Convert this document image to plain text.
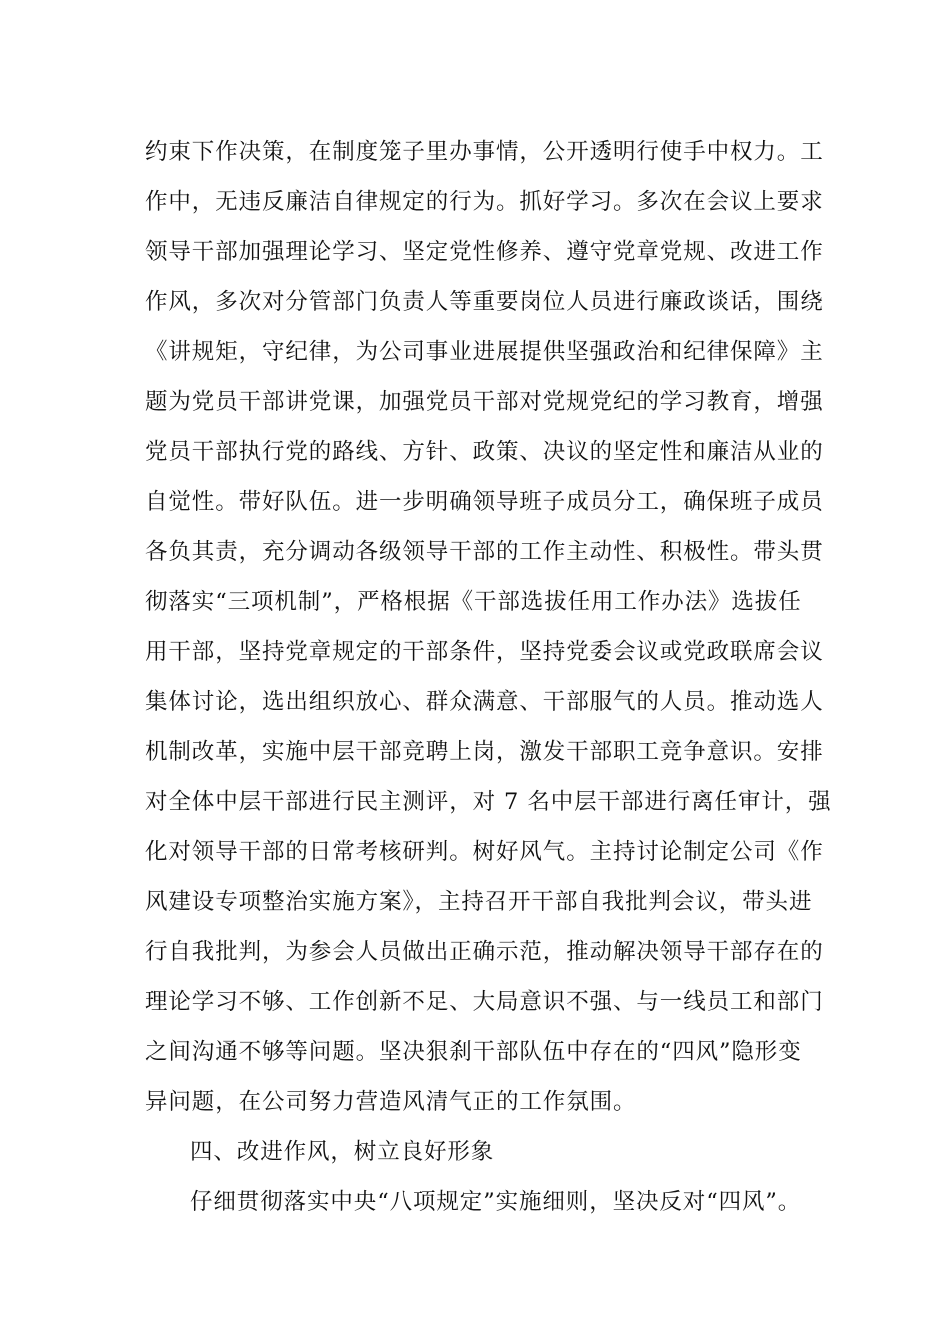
约束下作决策，在制度笼子里办事情，公开透明行使手中权力。工
作中，无违反廉洁自律规定的行为。抓好学习。多次在会议上要求
领导干部加强理论学习、坚定党性修养、遵守党章党规、改进工作
作风，多次对分管部门负责人等重要岗位人员进行廉政谈话，围绕
《讲规矩，守纪律，为公司事业进展提供坚强政治和纪律保障》主
题为党员干部讲党课，加强党员干部对党规党纪的学习教育，增强
党员干部执行党的路线、方针、政策、决议的坚定性和廉洁从业的
自觉性。带好队伍。进一步明确领导班子成员分工，确保班子成员
各负其责，充分调动各级领导干部的工作主动性、积极性。带头贯
彻落实“三项机制”，严格根据《干部选拔任用工作办法》选拔任
用干部，坚持党章规定的干部条件，坚持党委会议或党政联席会议
集体讨论，选出组织放心、群众满意、干部服气的人员。推动选人
机制改革，实施中层干部竞聘上岗，激发干部职工竞争意识。安排
对全体中层干部进行民主测评，对 7 名中层干部进行离任审计，强
化对领导干部的日常考核研判。树好风气。主持讨论制定公司《作
风建设专项整治实施方案》，主持召开干部自我批判会议，带头进
行自我批判，为参会人员做出正确示范，推动解决领导干部存在的
理论学习不够、工作创新不足、大局意识不强、与一线员工和部门
之间沟通不够等问题。坚决狠刹干部队伍中存在的“四风”隐形变
异问题，在公司努力营造风清气正的工作氛围。
四、改进作风，树立良好形象
仔细贯彻落实中央“八项规定”实施细则，坚决反对“四风”。
